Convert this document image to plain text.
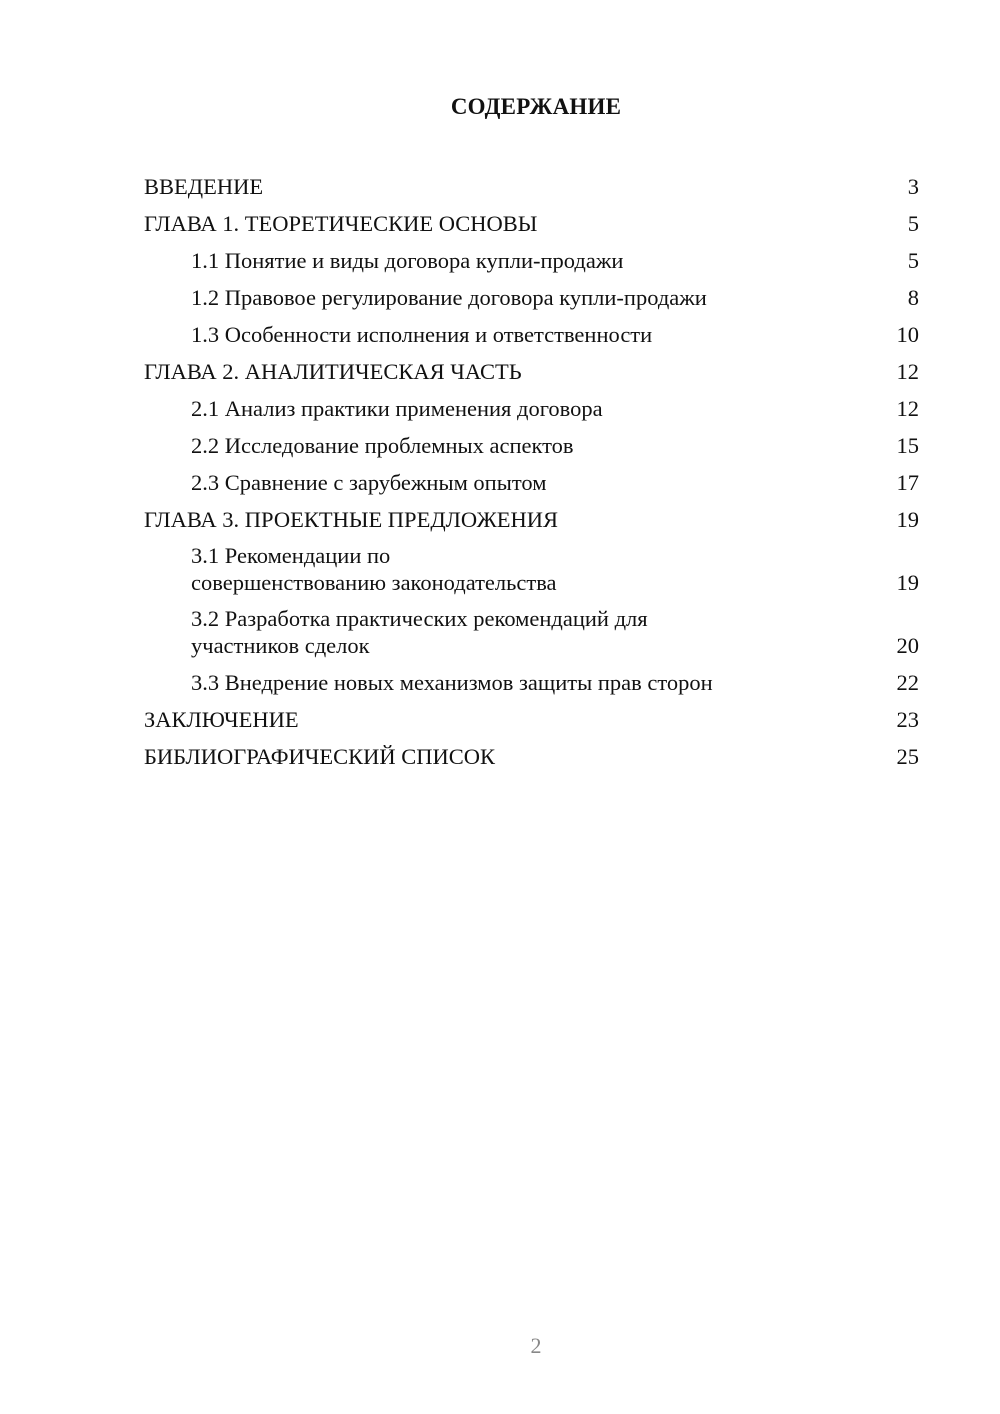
СОДЕРЖАНИЕ
ВВЕДЕНИЕ	3
ГЛАВА 1. ТЕОРЕТИЧЕСКИЕ ОСНОВЫ	5
1.1 Понятие и виды договора купли-продажи	5
1.2 Правовое регулирование договора купли-продажи	8
1.3 Особенности исполнения и ответственности	10
ГЛАВА 2. АНАЛИТИЧЕСКАЯ ЧАСТЬ	12
2.1 Анализ практики применения договора	12
2.2 Исследование проблемных аспектов	15
2.3 Сравнение с зарубежным опытом	17
ГЛАВА 3. ПРОЕКТНЫЕ ПРЕДЛОЖЕНИЯ	19
3.1 Рекомендации по совершенствованию законодательства	19
3.2 Разработка практических рекомендаций для участников сделок	20
3.3 Внедрение новых механизмов защиты прав сторон	22
ЗАКЛЮЧЕНИЕ	23
БИБЛИОГРАФИЧЕСКИЙ СПИСОК	25
2
